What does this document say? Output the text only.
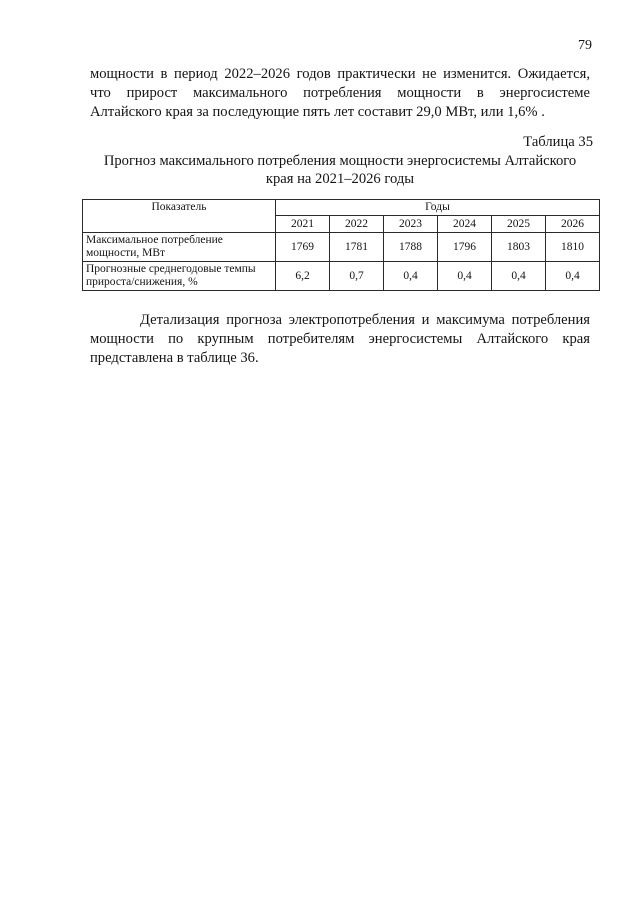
79
мощности в период 2022–2026 годов практически не изменится. Ожидается, что прирост максимального потребления мощности в энергосистеме Алтайского края за последующие пять лет составит 29,0 МВт, или 1,6% .
Таблица 35
Прогноз максимального потребления мощности энергосистемы Алтайского края на 2021–2026 годы
Показатель	Годы					
	2021	2022	2023	2024	2025	2026
Максимальное потребление мощности, МВт	1769	1781	1788	1796	1803	1810
Прогнозные среднегодовые темпы прироста/снижения, %	6,2	0,7	0,4	0,4	0,4	0,4
Детализация прогноза электропотребления и максимума потребления мощности по крупным потребителям энергосистемы Алтайского края представлена в таблице 36.
